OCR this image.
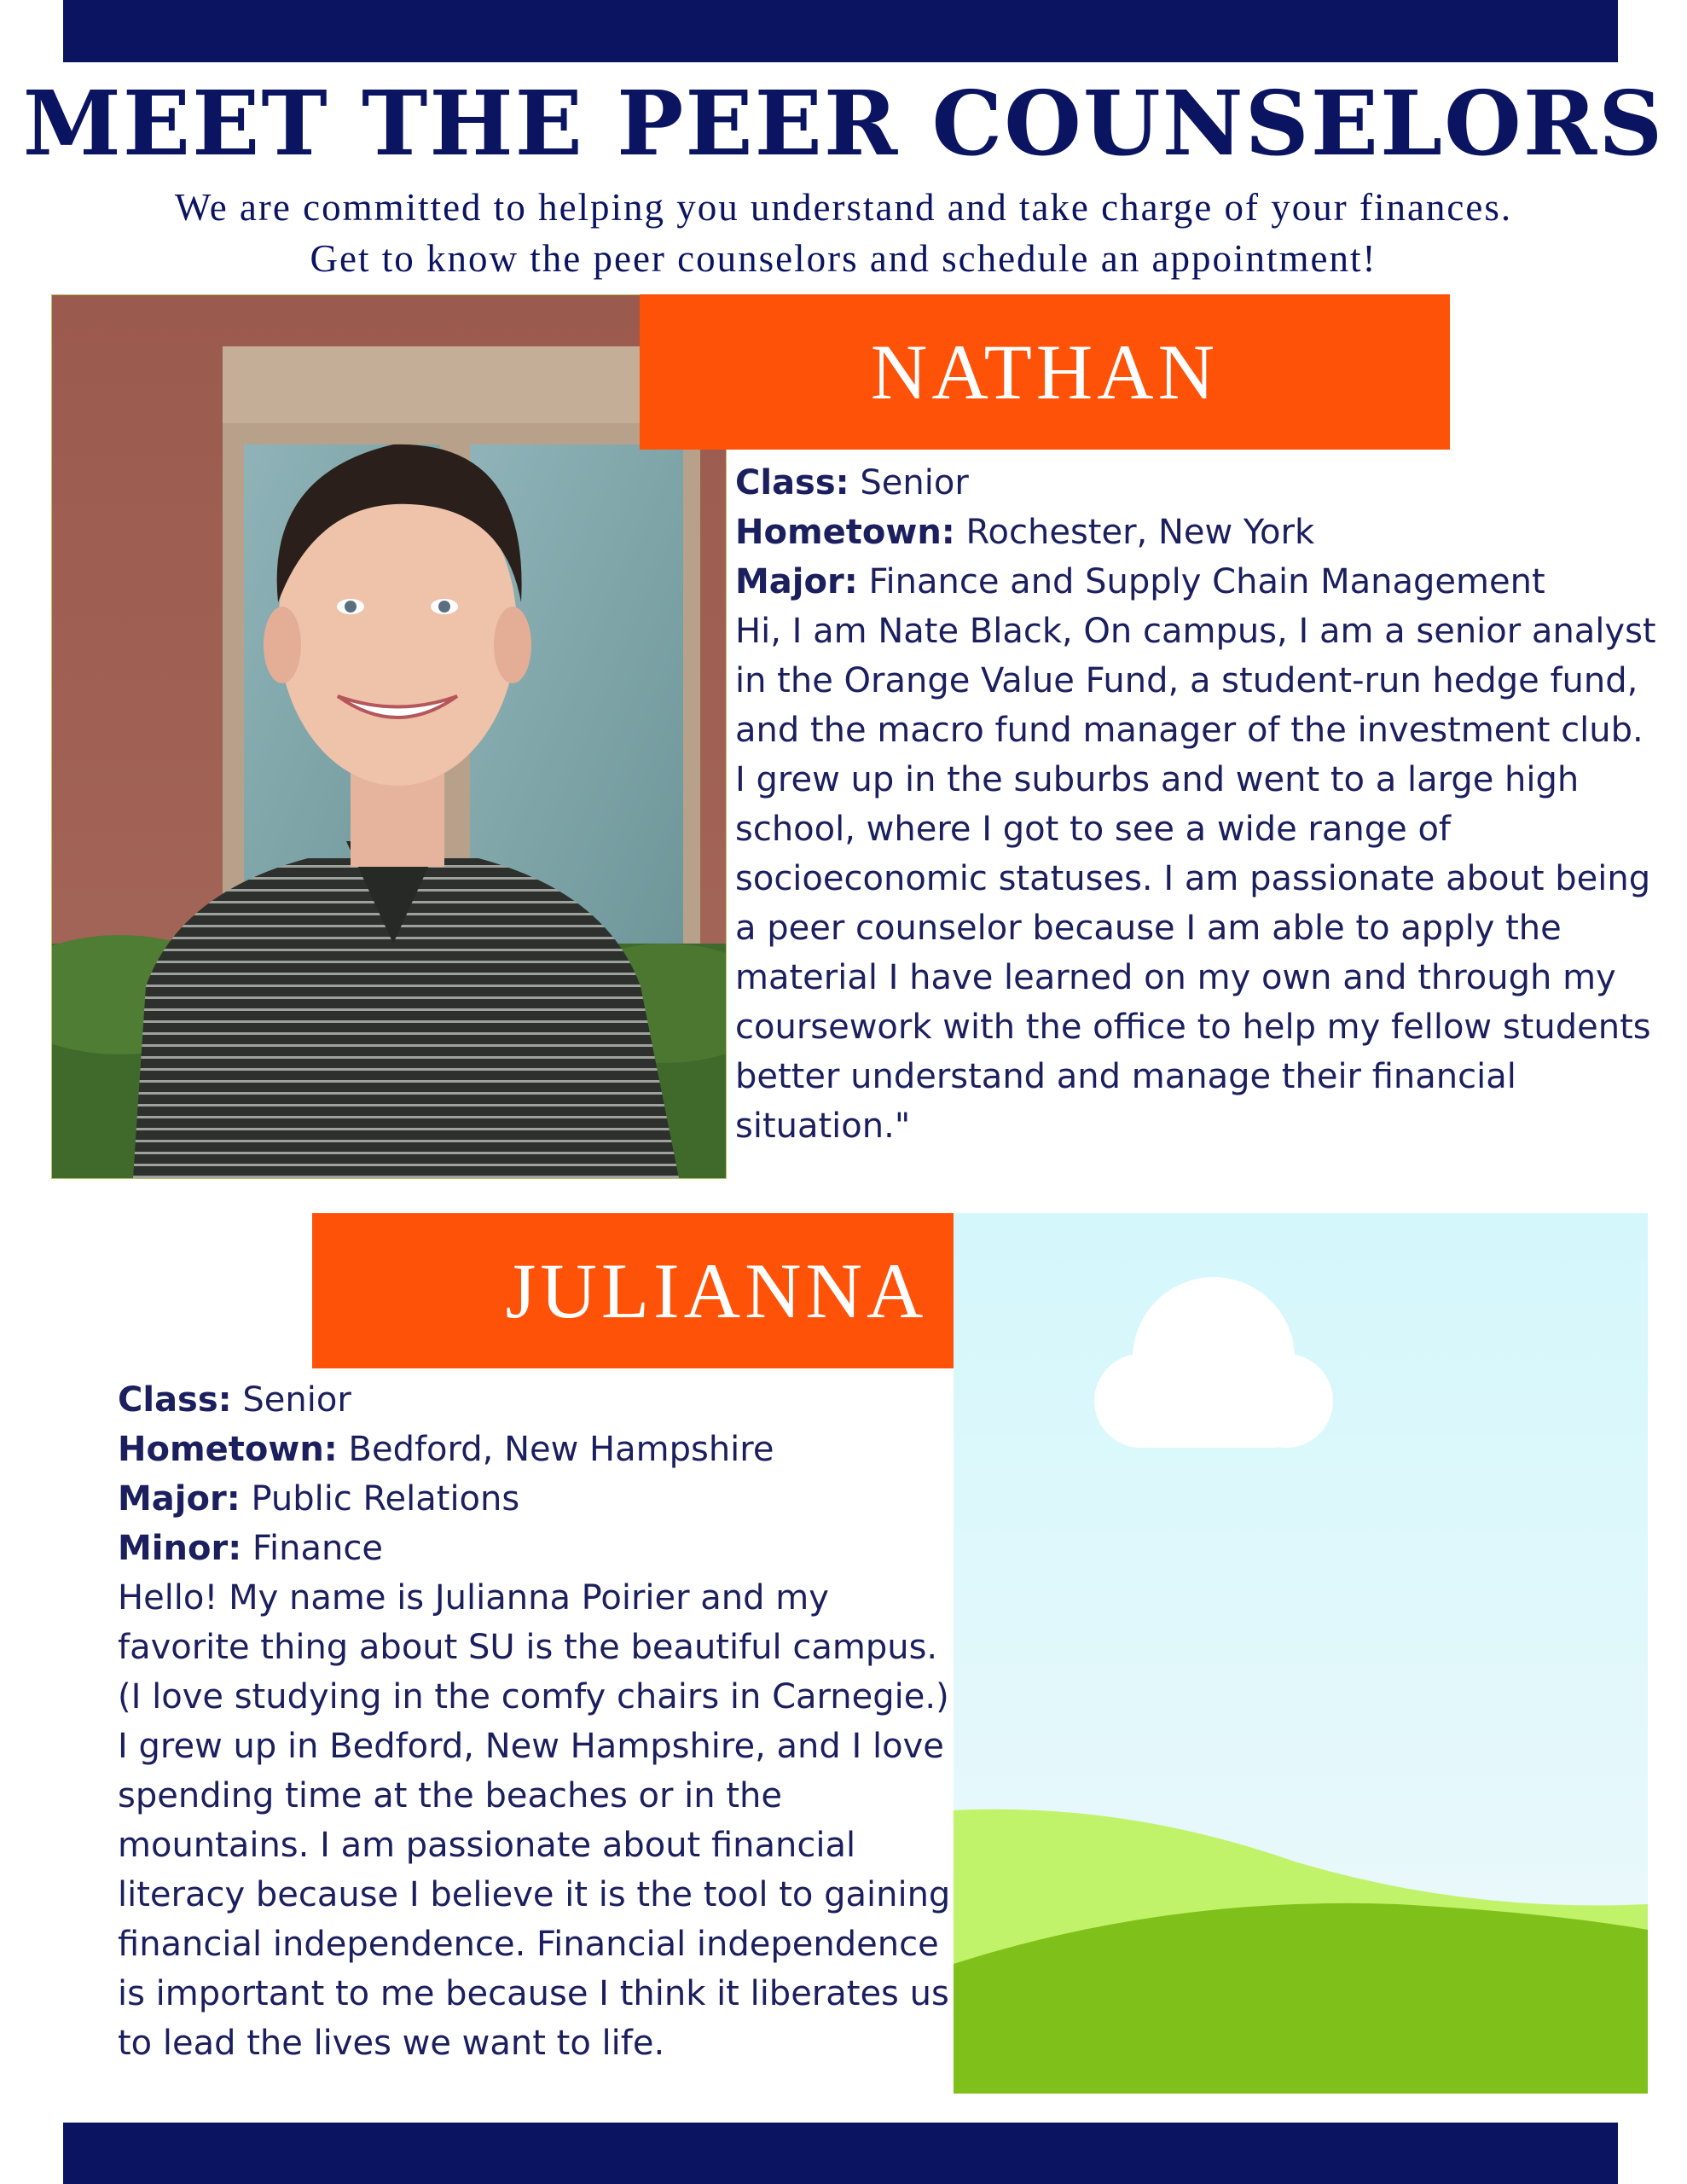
MEET THE PEER COUNSELORS
We are committed to helping you understand and take charge of your finances.
Get to know the peer counselors and schedule an appointment!
NATHAN

Class: Senior

Hometown: Rochester, New York

Major: Finance and Supply Chain Management

Hi, I am Nate Black, On campus, I am a senior analyst in the Orange Value Fund, a student-run hedge fund, and the macro fund manager of the investment club. I grew up in the suburbs and went to a large high school, where I got to see a wide range of socioeconomic statuses. I am passionate about being a peer counselor because I am able to apply the material I have learned on my own and through my coursework with the office to help my fellow students better understand and manage their financial situation."

JULIANNA

Class: Senior

Hometown: Bedford, New Hampshire

Major: Public Relations

Minor: Finance

Hello! My name is Julianna Poirier and my favorite thing about SU is the beautiful campus. (I love studying in the comfy chairs in Carnegie.) I grew up in Bedford, New Hampshire, and I love spending time at the beaches or in the mountains. I am passionate about financial literacy because I believe it is the tool to gaining financial independence. Financial independence is important to me because I think it liberates us to lead the lives we want to life.
